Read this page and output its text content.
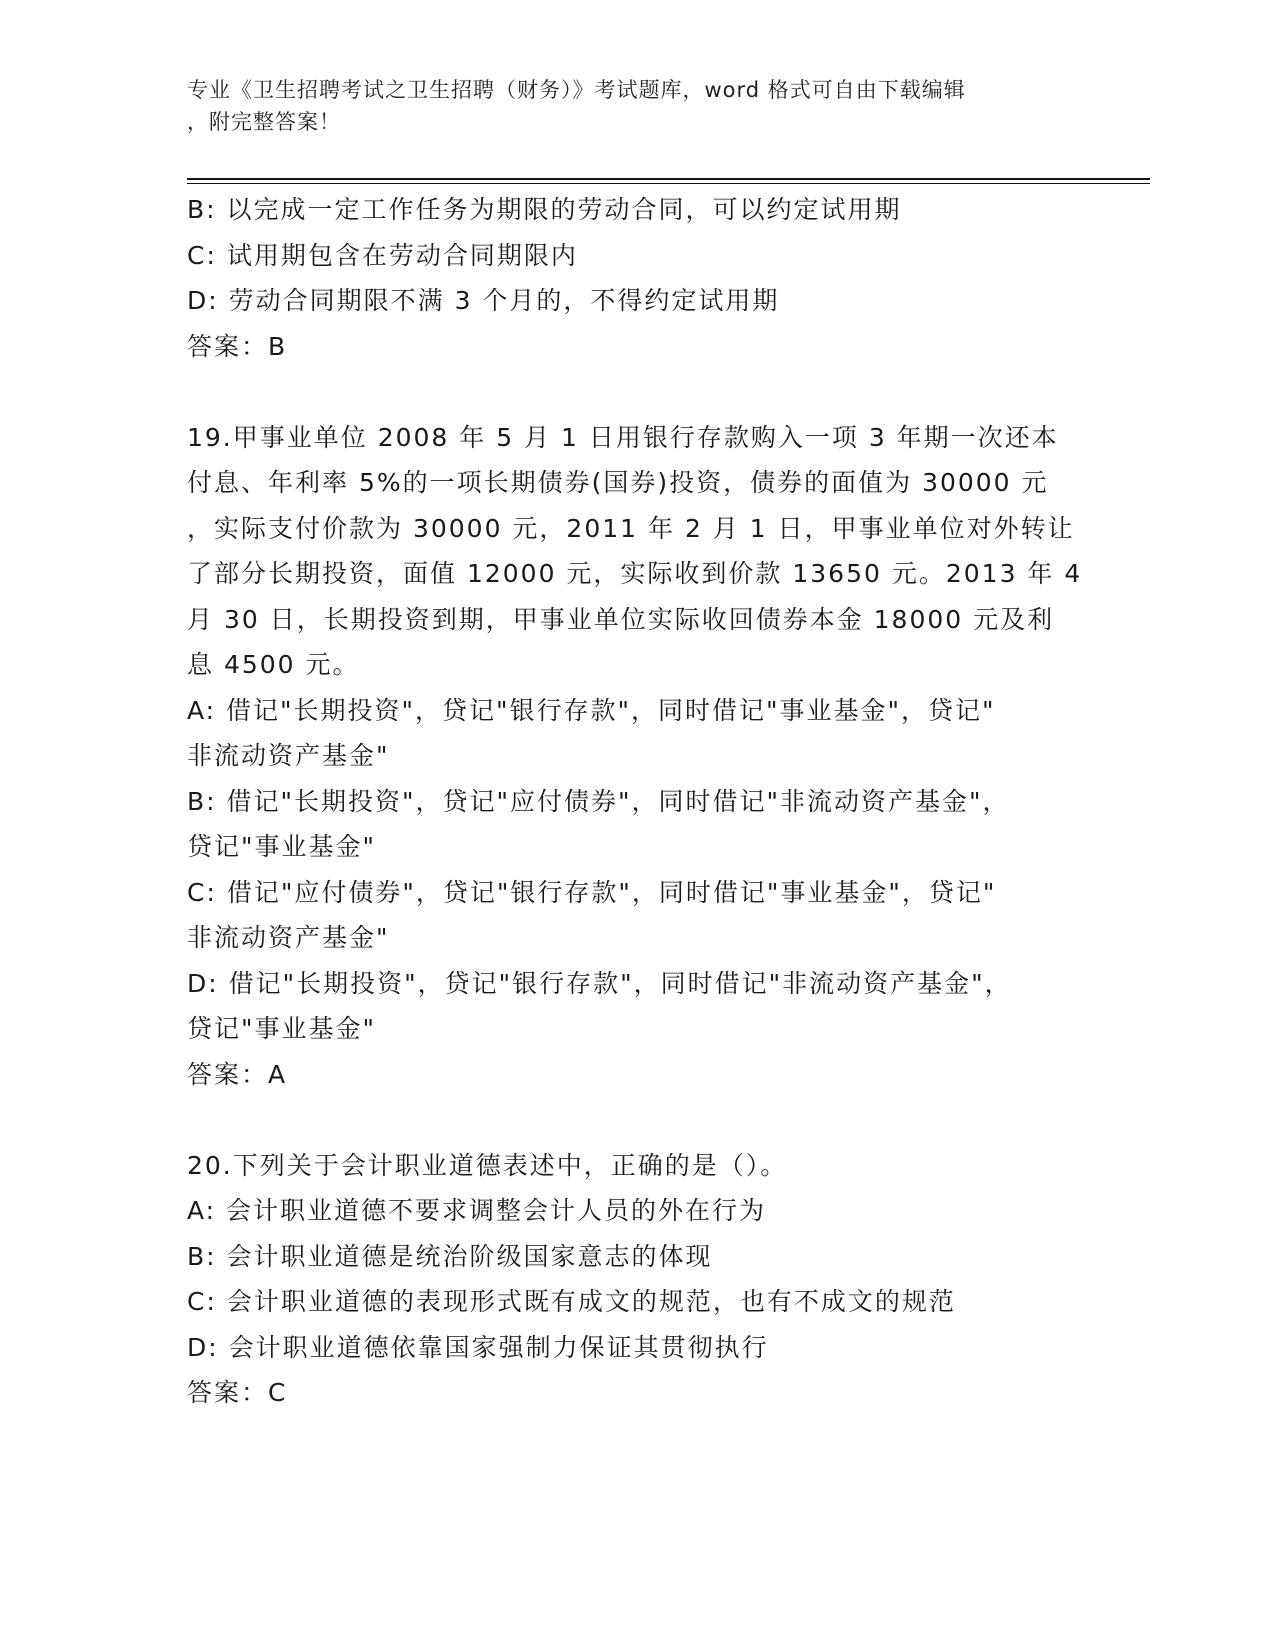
专业《卫生招聘考试之卫生招聘（财务）》考试题库，word 格式可自由下载编辑
，附完整答案！

B: 以完成一定工作任务为期限的劳动合同，可以约定试用期

C: 试用期包含在劳动合同期限内

D: 劳动合同期限不满 3 个月的，不得约定试用期

答案：B

19.甲事业单位 2008 年 5 月 1 日用银行存款购入一项 3 年期一次还本

付息、年利率 5%的一项长期债券(国券)投资，债券的面值为 30000 元

，实际支付价款为 30000 元，2011 年 2 月 1 日，甲事业单位对外转让

了部分长期投资，面值 12000 元，实际收到价款 13650 元。2013 年 4

月 30 日，长期投资到期，甲事业单位实际收回债券本金 18000 元及利

息 4500 元。

A: 借记"长期投资"，贷记"银行存款"，同时借记"事业基金"，贷记"

非流动资产基金"

B: 借记"长期投资"，贷记"应付债券"，同时借记"非流动资产基金"，

贷记"事业基金"

C: 借记"应付债券"，贷记"银行存款"，同时借记"事业基金"，贷记"

非流动资产基金"

D: 借记"长期投资"，贷记"银行存款"，同时借记"非流动资产基金"，

贷记"事业基金"

答案：A

20.下列关于会计职业道德表述中，正确的是（）。

A: 会计职业道德不要求调整会计人员的外在行为

B: 会计职业道德是统治阶级国家意志的体现

C: 会计职业道德的表现形式既有成文的规范，也有不成文的规范

D: 会计职业道德依靠国家强制力保证其贯彻执行

答案：C
